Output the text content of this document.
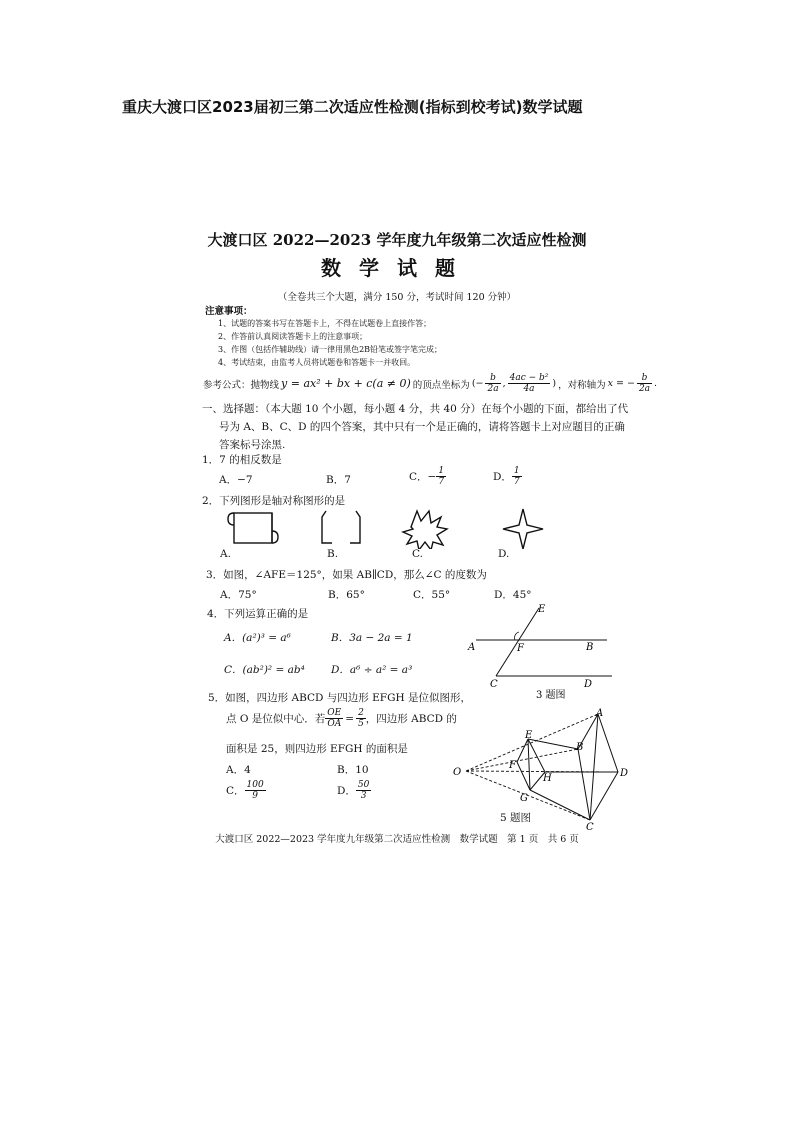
重庆大渡口区2023届初三第二次适应性检测(指标到校考试)数学试题
大渡口区 2022—2023 学年度九年级第二次适应性检测
数学试题
（全卷共三个大题，满分 150 分，考试时间 120 分钟）
注意事项：
1、试题的答案书写在答题卡上，不得在试题卷上直接作答；
2、作答前认真阅读答题卡上的注意事项；
3、作图（包括作辅助线）请一律用黑色2B铅笔或签字笔完成；
4、考试结束，由监考人员将试题卷和答题卡一并收回。
参考公式：抛物线 y = ax² + bx + c(a ≠ 0) 的顶点坐标为 (− $\frac{b}{2a}$ , $\frac{\text{4ac − b²}}{4a}$ ) ，对称轴为 x = − $\frac{b}{2a}$ .
一、选择题：（本大题 10 个小题，每小题 4 分，共 40 分）在每个小题的下面，都给出了代
号为 A、B、C、D 的四个答案，其中只有一个是正确的，请将答题卡上对应题目的正确
答案标号涂黑.
1．7 的相反数是
A．−7	B．7	C．− $\frac{1}{7}$	D． $\frac{1}{7}$
2．下列图形是轴对称图形的是
A.	B.	C.	D.
3．如图，∠AFE＝125°，如果 AB∥CD，那么∠C 的度数为
A．75°	B．65°	C．55°	D．45°
E
A	F	B
C	D
3 题图
4．下列运算正确的是
A．(a²)³ = a⁶	B．3a − 2a = 1
C．(ab²)² = ab⁴ D．a⁶ ÷ a² = a³
5．如图，四边形 ABCD 与四边形 EFGH 是位似图形，
点 O 是位似中心．若 $\frac{OE}{OA} = \frac{2}{5}$ ，四边形 ABCD 的
面积是 25，则四边形 EFGH 的面积是
A．4	B．10
C． $\frac{100}{9}$	D． $\frac{50}{3}$
A
B
C
D
E
F
G
H
O
5 题图
大渡口区 2022—2023 学年度九年级第二次适应性检测　数学试题　第 1 页　共 6 页
